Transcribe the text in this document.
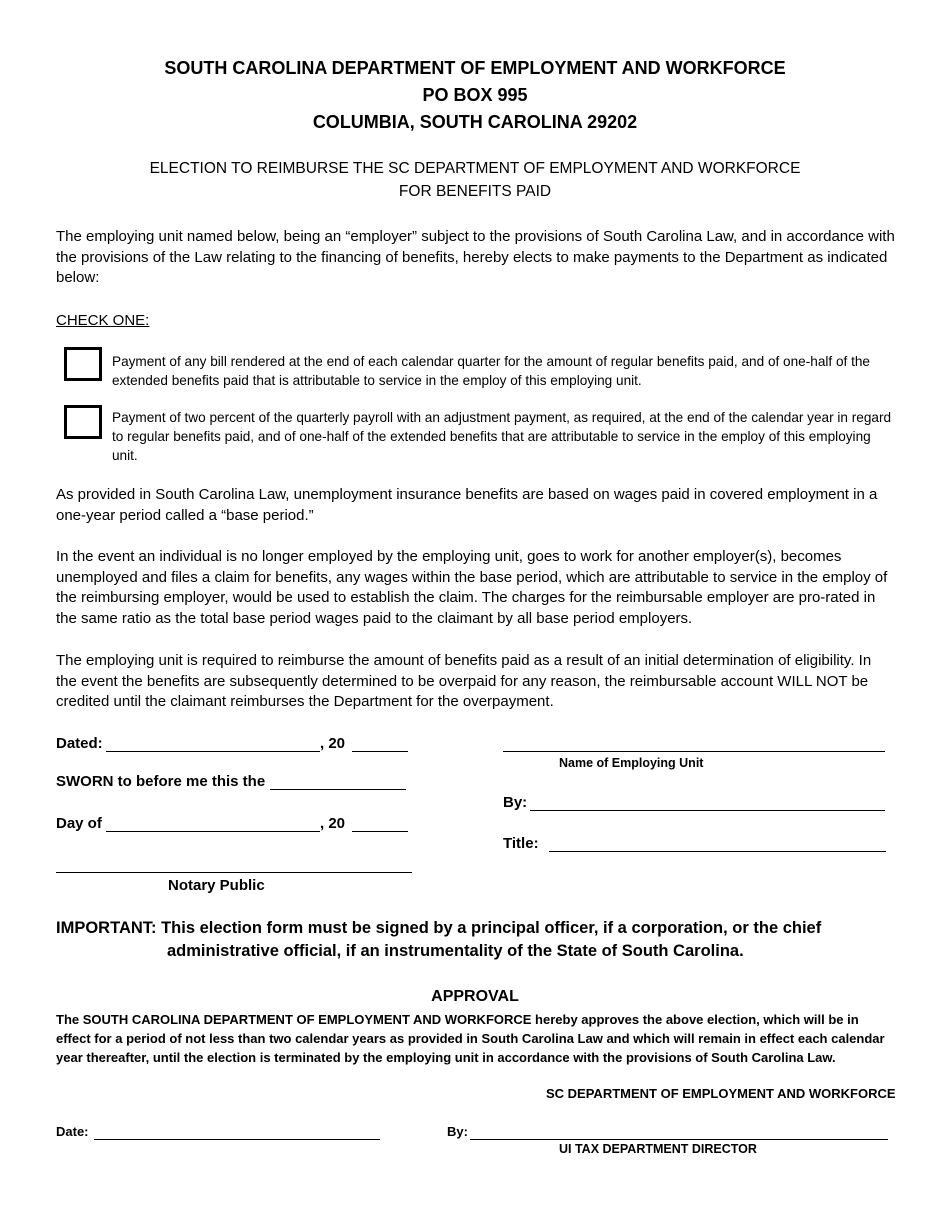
SOUTH CAROLINA DEPARTMENT OF EMPLOYMENT AND WORKFORCE
PO BOX 995
COLUMBIA, SOUTH CAROLINA 29202
ELECTION TO REIMBURSE THE SC DEPARTMENT OF EMPLOYMENT AND WORKFORCE
FOR BENEFITS PAID
The employing unit named below, being an “employer” subject to the provisions of South Carolina Law, and in accordance with the provisions of the Law relating to the financing of benefits, hereby elects to make payments to the Department as indicated below:
CHECK ONE:
Payment of any bill rendered at the end of each calendar quarter for the amount of regular benefits paid, and of one-half of the extended benefits paid that is attributable to service in the employ of this employing unit.
Payment of two percent of the quarterly payroll with an adjustment payment, as required, at the end of the calendar year in regard to regular benefits paid, and of one-half of the extended benefits that are attributable to service in the employ of this employing unit.
As provided in South Carolina Law, unemployment insurance benefits are based on wages paid in covered employment in a one-year period called a “base period.”
In the event an individual is no longer employed by the employing unit, goes to work for another employer(s), becomes unemployed and files a claim for benefits, any wages within the base period, which are attributable to service in the employ of the reimbursing employer, would be used to establish the claim. The charges for the reimbursable employer are pro-rated in the same ratio as the total base period wages paid to the claimant by all base period employers.
The employing unit is required to reimburse the amount of benefits paid as a result of an initial determination of eligibility. In the event the benefits are subsequently determined to be overpaid for any reason, the reimbursable account WILL NOT be credited until the claimant reimburses the Department for the overpayment.
Dated:	, 20
SWORN to before me this the
Day of	, 20
Notary Public
Name of Employing Unit
By:
Title:
IMPORTANT: This election form must be signed by a principal officer, if a corporation, or the chief
administrative official, if an instrumentality of the State of South Carolina.
APPROVAL
The SOUTH CAROLINA DEPARTMENT OF EMPLOYMENT AND WORKFORCE hereby approves the above election, which will be in effect for a period of not less than two calendar years as provided in South Carolina Law and which will remain in effect each calendar year thereafter, until the election is terminated by the employing unit in accordance with the provisions of South Carolina Law.
SC DEPARTMENT OF EMPLOYMENT AND WORKFORCE
Date:	By:
UI TAX DEPARTMENT DIRECTOR
